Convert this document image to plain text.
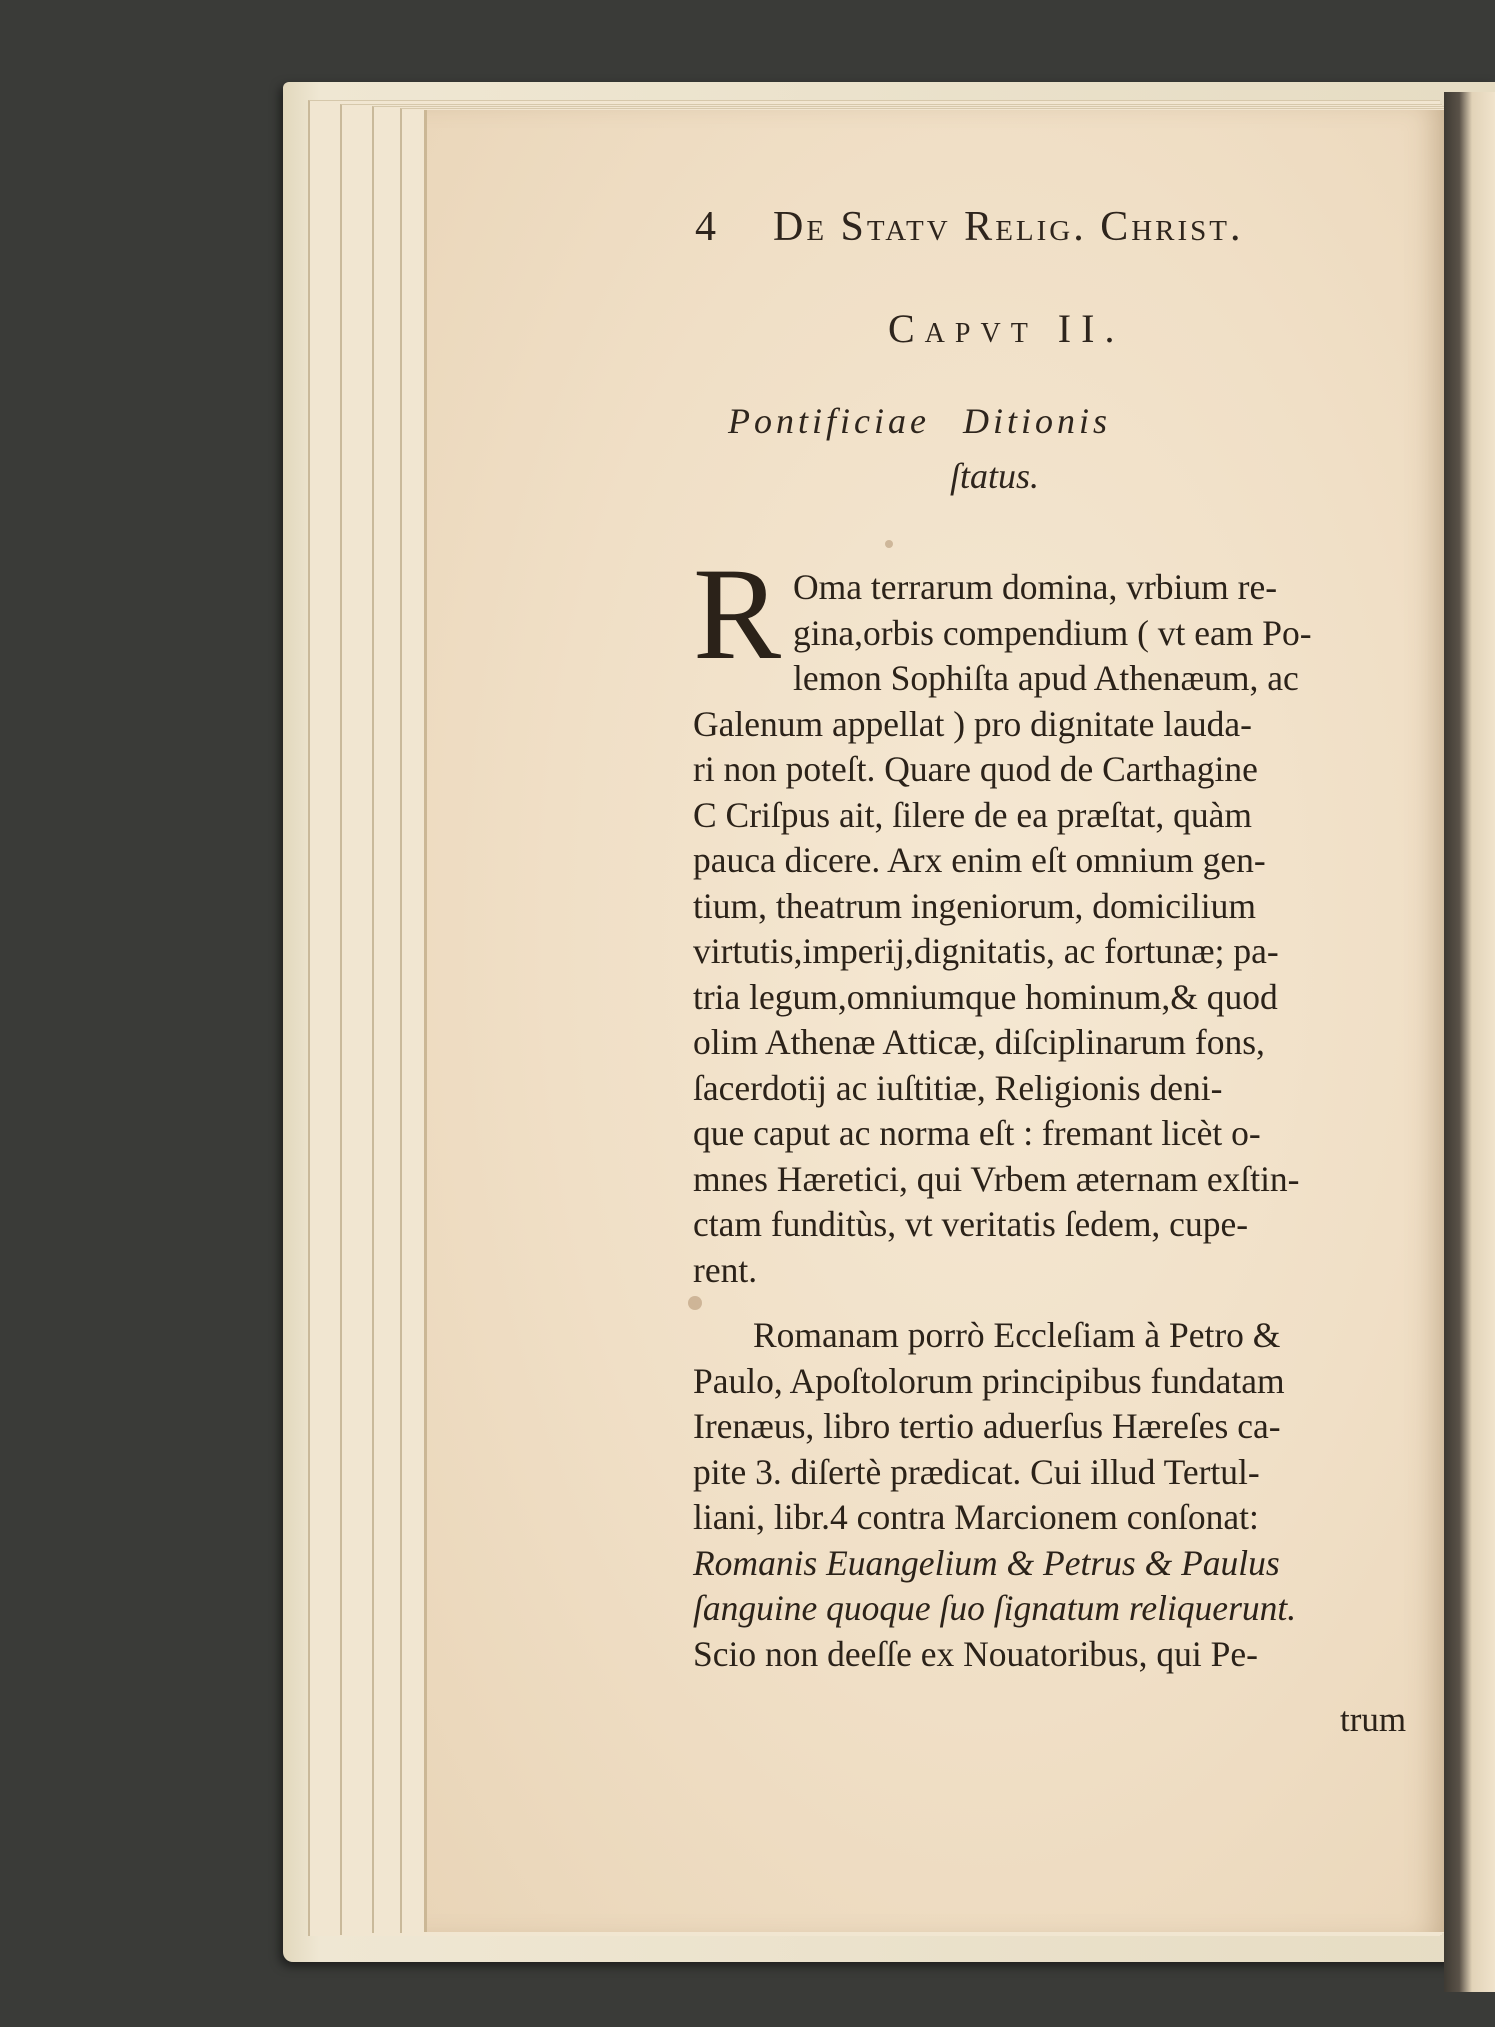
4 De Statv Relig. Christ.
Capvt II.
Pontificiae Ditionis
ſtatus.
R Oma terrarum domina, vrbium re-
gina,orbis compendium ( vt eam Po-
lemon Sophiſta apud Athenæum, ac
Galenum appellat ) pro dignitate lauda-
ri non poteſt. Quare quod de Carthagine
C Criſpus ait, ſilere de ea præſtat, quàm
pauca dicere. Arx enim eſt omnium gen-
tium, theatrum ingeniorum, domicilium
virtutis,imperij,dignitatis, ac fortunæ; pa-
tria legum,omniumque hominum,& quod
olim Athenæ Atticæ, diſciplinarum fons,
ſacerdotij ac iuſtitiæ, Religionis deni-
que caput ac norma eſt : fremant licèt o-
mnes Hæretici, qui Vrbem æternam exſtin-
ctam funditùs, vt veritatis ſedem, cupe-
rent.
Romanam porrò Eccleſiam à Petro &
Paulo, Apoſtolorum principibus fundatam
Irenæus, libro tertio aduerſus Hæreſes ca-
pite 3. diſertè prædicat. Cui illud Tertul-
liani, libr.4 contra Marcionem conſonat:
Romanis Euangelium & Petrus & Paulus
ſanguine quoque ſuo ſignatum reliquerunt.
Scio non deeſſe ex Nouatoribus, qui Pe-
trum
